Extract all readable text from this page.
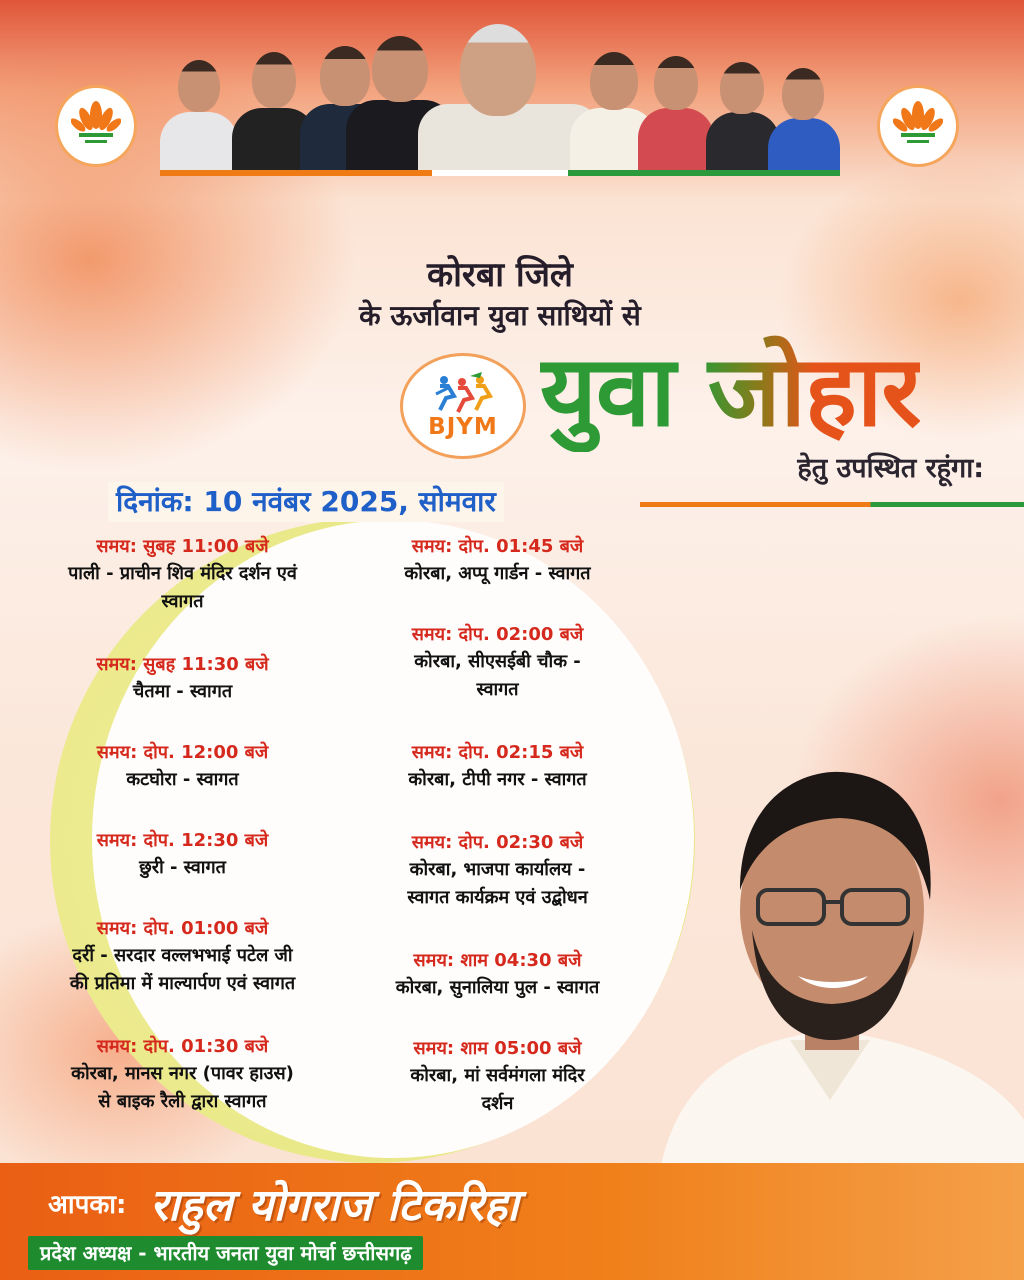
कोरबा जिले
के ऊर्जावान युवा साथियों से
BJYM युवा जोहार
हेतु उपस्थित रहूंगा:
दिनांक: 10 नवंबर 2025, सोमवार
समय: सुबह 11:00 बजे
पाली - प्राचीन शिव मंदिर दर्शन एवं
स्वागत
समय: सुबह 11:30 बजे
चैतमा - स्वागत
समय: दोप. 12:00 बजे
कटघोरा - स्वागत
समय: दोप. 12:30 बजे
छुरी - स्वागत
समय: दोप. 01:00 बजे
दर्री - सरदार वल्लभभाई पटेल जी
की प्रतिमा में माल्यार्पण एवं स्वागत
समय: दोप. 01:30 बजे
कोरबा, मानस नगर (पावर हाउस)
से बाइक रैली द्वारा स्वागत
समय: दोप. 01:45 बजे
कोरबा, अप्पू गार्डन - स्वागत
समय: दोप. 02:00 बजे
कोरबा, सीएसईबी चौक -
स्वागत
समय: दोप. 02:15 बजे
कोरबा, टीपी नगर - स्वागत
समय: दोप. 02:30 बजे
कोरबा, भाजपा कार्यालय -
स्वागत कार्यक्रम एवं उद्बोधन
समय: शाम 04:30 बजे
कोरबा, सुनालिया पुल - स्वागत
समय: शाम 05:00 बजे
कोरबा, मां सर्वमंगला मंदिर
दर्शन
आपका: राहुल योगराज टिकरिहा
प्रदेश अध्यक्ष - भारतीय जनता युवा मोर्चा छत्तीसगढ़
